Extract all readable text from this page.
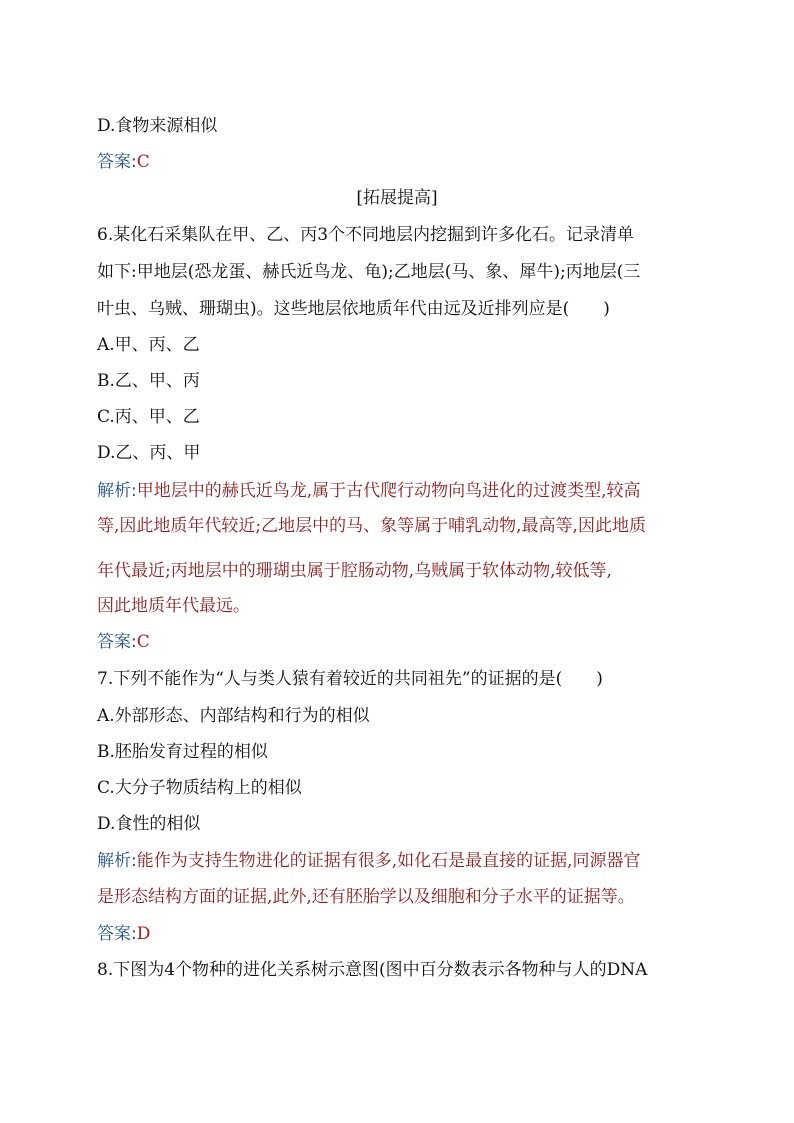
D.食物来源相似
答案:C
[拓展提高]
6.某化石采集队在甲、乙、丙3个不同地层内挖掘到许多化石。记录清单
如下:甲地层(恐龙蛋、赫氏近鸟龙、龟);乙地层(马、象、犀牛);丙地层(三
叶虫、乌贼、珊瑚虫)。这些地层依地质年代由远及近排列应是(　　)
A.甲、丙、乙
B.乙、甲、丙
C.丙、甲、乙
D.乙、丙、甲
解析:甲地层中的赫氏近鸟龙,属于古代爬行动物向鸟进化的过渡类型,较高
等,因此地质年代较近;乙地层中的马、象等属于哺乳动物,最高等,因此地质
年代最近;丙地层中的珊瑚虫属于腔肠动物,乌贼属于软体动物,较低等,
因此地质年代最远。
答案:C
7.下列不能作为“人与类人猿有着较近的共同祖先”的证据的是(　　)
A.外部形态、内部结构和行为的相似
B.胚胎发育过程的相似
C.大分子物质结构上的相似
D.食性的相似
解析:能作为支持生物进化的证据有很多,如化石是最直接的证据,同源器官
是形态结构方面的证据,此外,还有胚胎学以及细胞和分子水平的证据等。
答案:D
8.下图为4个物种的进化关系树示意图(图中百分数表示各物种与人的DNA
